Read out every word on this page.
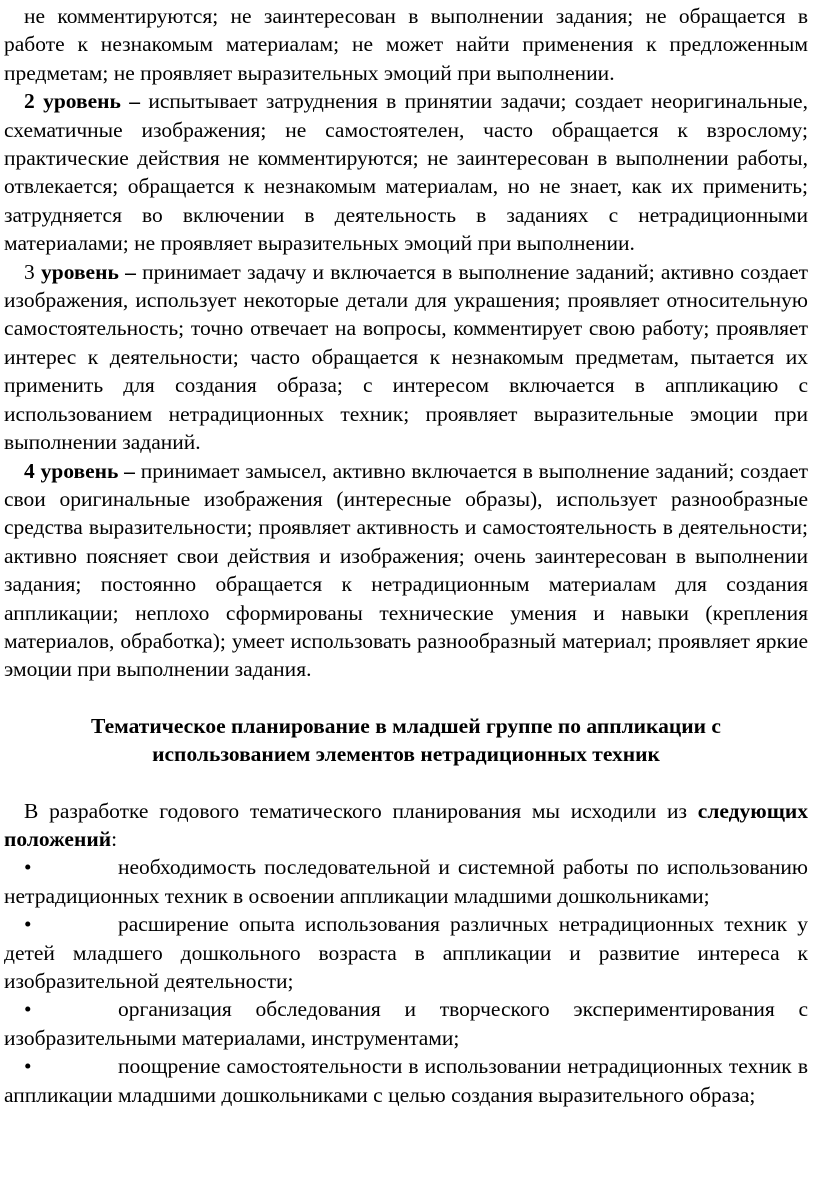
не комментируются; не заинтересован в выполнении задания; не обращается в работе к незнакомым материалам; не может найти применения к предложенным предметам; не проявляет выразительных эмоций при выполнении.

2 уровень – испытывает затруднения в принятии задачи; создает неоригинальные, схематичные изображения; не самостоятелен, часто обращается к взрослому; практические действия не комментируются; не заинтересован в выполнении работы, отвлекается; обращается к незнакомым материалам, но не знает, как их применить; затрудняется во включении в деятельность в заданиях с нетрадиционными материалами; не проявляет выразительных эмоций при выполнении.

3 уровень – принимает задачу и включается в выполнение заданий; активно создает изображения, использует некоторые детали для украшения; проявляет относительную самостоятельность; точно отвечает на вопросы, комментирует свою работу; проявляет интерес к деятельности; часто обращается к незнакомым предметам, пытается их применить для создания образа; с интересом включается в аппликацию с использованием нетрадиционных техник; проявляет выразительные эмоции при выполнении заданий.

4 уровень – принимает замысел, активно включается в выполнение заданий; создает свои оригинальные изображения (интересные образы), использует разнообразные средства выразительности; проявляет активность и самостоятельность в деятельности; активно поясняет свои действия и изображения; очень заинтересован в выполнении задания; постоянно обращается к нетрадиционным материалам для создания аппликации; неплохо сформированы технические умения и навыки (крепления материалов, обработка); умеет использовать разнообразный материал; проявляет яркие эмоции при выполнении задания.

Тематическое планирование в младшей группе по аппликации с использованием элементов нетрадиционных техник

В разработке годового тематического планирования мы исходили из следующих положений:

•	необходимость последовательной и системной работы по использованию нетрадиционных техник в освоении аппликации младшими дошкольниками;

•	расширение опыта использования различных нетрадиционных техник у детей младшего дошкольного возраста в аппликации и развитие интереса к изобразительной деятельности;

•	организация обследования и творческого экспериментирования с изобразительными материалами, инструментами;

•	поощрение самостоятельности в использовании нетрадиционных техник в аппликации младшими дошкольниками с целью создания выразительного образа;
